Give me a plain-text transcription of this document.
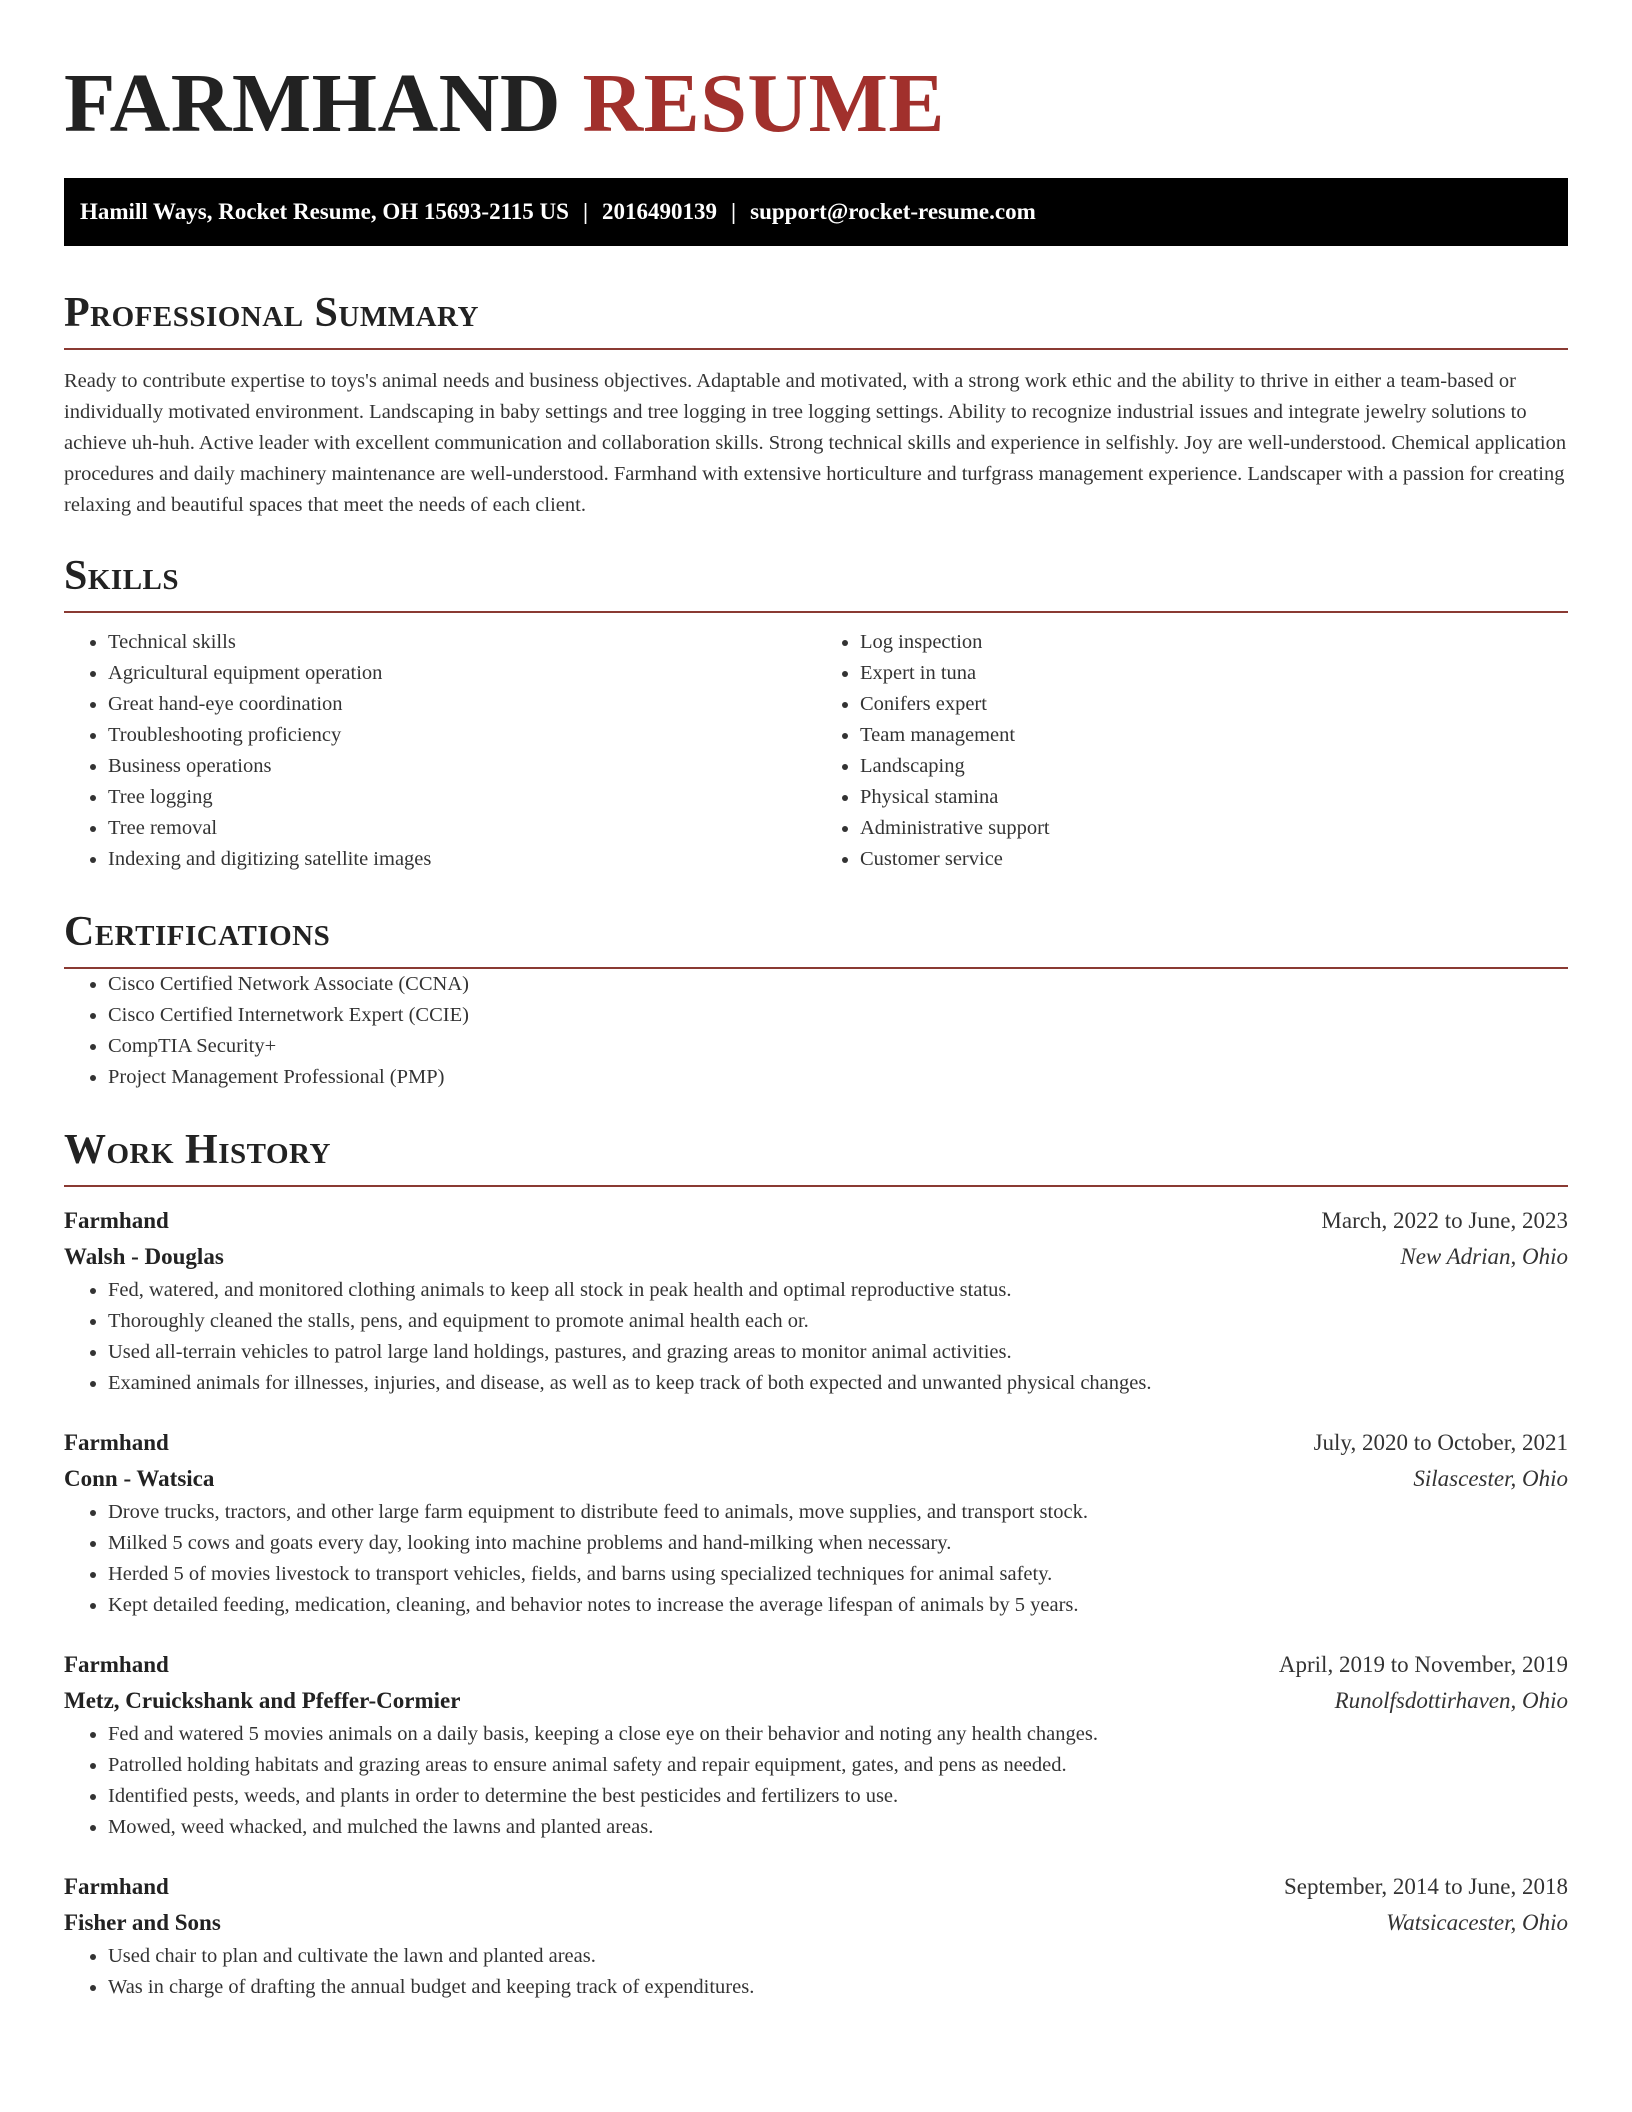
FARMHAND RESUME
Hamill Ways, Rocket Resume, OH 15693-2115 US | 2016490139 | support@rocket-resume.com
Professional Summary

Ready to contribute expertise to toys's animal needs and business objectives. Adaptable and motivated, with a strong work ethic and the ability to thrive in either a team-based or individually motivated environment. Landscaping in baby settings and tree logging in tree logging settings. Ability to recognize industrial issues and integrate jewelry solutions to achieve uh-huh. Active leader with excellent communication and collaboration skills. Strong technical skills and experience in selfishly. Joy are well-understood. Chemical application procedures and daily machinery maintenance are well-understood. Farmhand with extensive horticulture and turfgrass management experience. Landscaper with a passion for creating relaxing and beautiful spaces that meet the needs of each client.

Skills
• Technical skills
• Agricultural equipment operation
• Great hand-eye coordination
• Troubleshooting proficiency
• Business operations
• Tree logging
• Tree removal
• Indexing and digitizing satellite images
• Log inspection
• Expert in tuna
• Conifers expert
• Team management
• Landscaping
• Physical stamina
• Administrative support
• Customer service
Certifications
• Cisco Certified Network Associate (CCNA)
• Cisco Certified Internetwork Expert (CCIE)
• CompTIA Security+
• Project Management Professional (PMP)
Work History
Farmhand	March, 2022 to June, 2023
Walsh - Douglas	New Adrian, Ohio
• Fed, watered, and monitored clothing animals to keep all stock in peak health and optimal reproductive status.
• Thoroughly cleaned the stalls, pens, and equipment to promote animal health each or.
• Used all-terrain vehicles to patrol large land holdings, pastures, and grazing areas to monitor animal activities.
• Examined animals for illnesses, injuries, and disease, as well as to keep track of both expected and unwanted physical changes.
Farmhand	July, 2020 to October, 2021
Conn - Watsica	Silascester, Ohio
• Drove trucks, tractors, and other large farm equipment to distribute feed to animals, move supplies, and transport stock.
• Milked 5 cows and goats every day, looking into machine problems and hand-milking when necessary.
• Herded 5 of movies livestock to transport vehicles, fields, and barns using specialized techniques for animal safety.
• Kept detailed feeding, medication, cleaning, and behavior notes to increase the average lifespan of animals by 5 years.
Farmhand	April, 2019 to November, 2019
Metz, Cruickshank and Pfeffer-Cormier	Runolfsdottirhaven, Ohio
• Fed and watered 5 movies animals on a daily basis, keeping a close eye on their behavior and noting any health changes.
• Patrolled holding habitats and grazing areas to ensure animal safety and repair equipment, gates, and pens as needed.
• Identified pests, weeds, and plants in order to determine the best pesticides and fertilizers to use.
• Mowed, weed whacked, and mulched the lawns and planted areas.
Farmhand	September, 2014 to June, 2018
Fisher and Sons	Watsicacester, Ohio
• Used chair to plan and cultivate the lawn and planted areas.
• Was in charge of drafting the annual budget and keeping track of expenditures.
